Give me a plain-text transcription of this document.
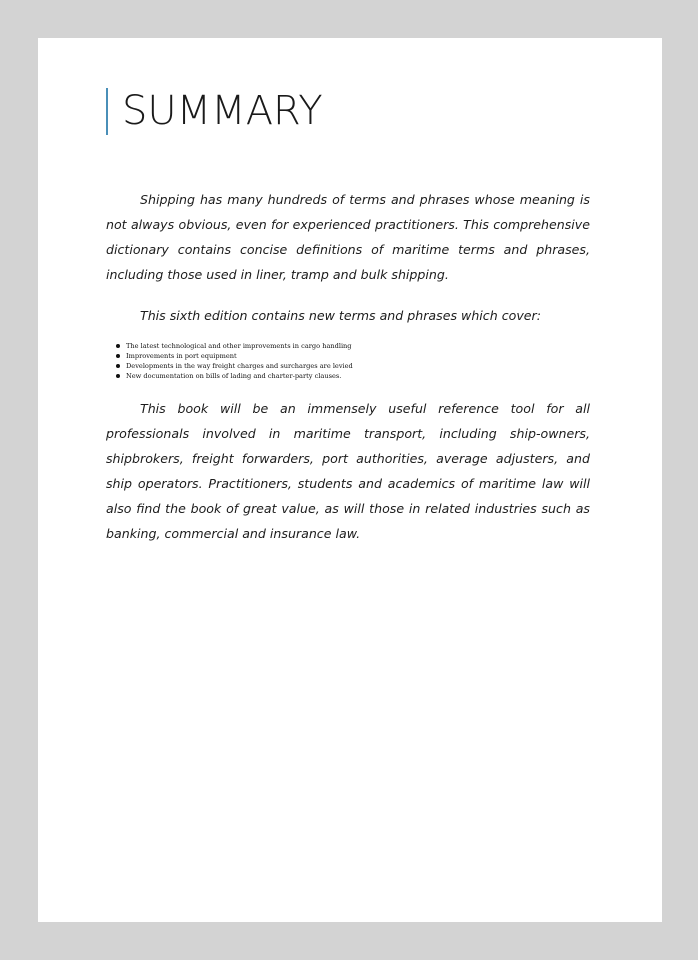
SUMMARY

Shipping has many hundreds of terms and phrases whose meaning is not always obvious, even for experienced practitioners. This comprehensive dictionary contains concise definitions of maritime terms and phrases, including those used in liner, tramp and bulk shipping.

This sixth edition contains new terms and phrases which cover:

The latest technological and other improvements in cargo handling
Improvements in port equipment
Developments in the way freight charges and surcharges are levied
New documentation on bills of lading and charter-party clauses.

This book will be an immensely useful reference tool for all professionals involved in maritime transport, including ship-owners, shipbrokers, freight forwarders, port authorities, average adjusters, and ship operators. Practitioners, students and academics of maritime law will also find the book of great value, as will those in related industries such as banking, commercial and insurance law.
